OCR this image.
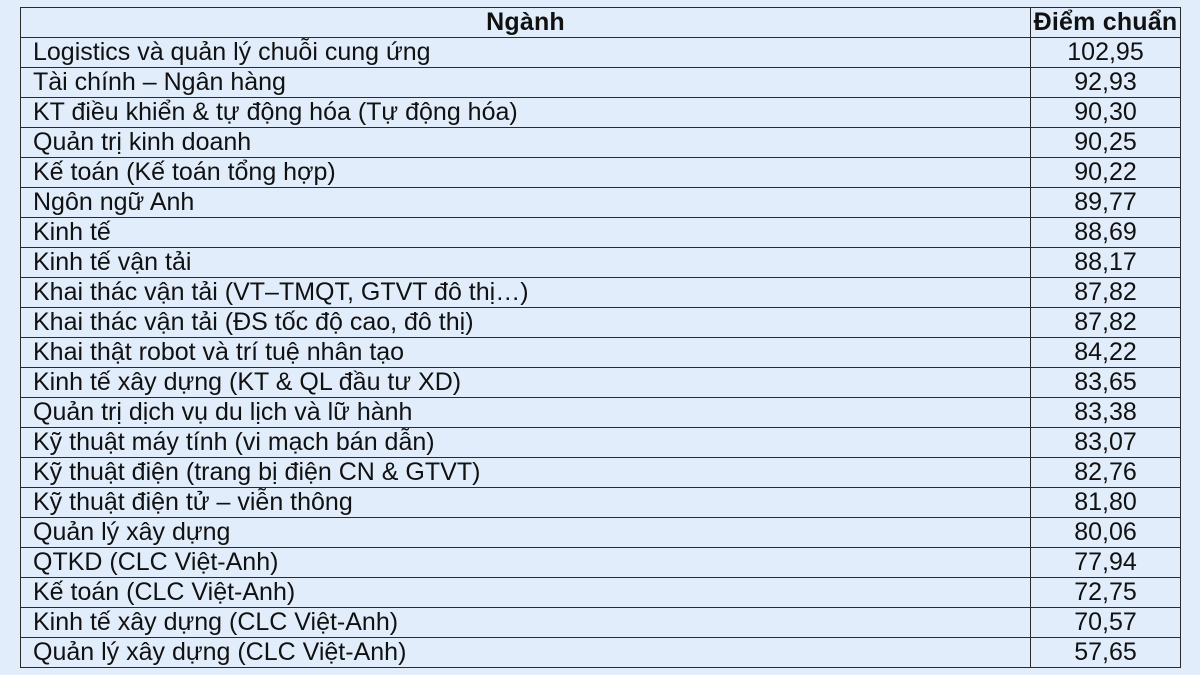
Ngành	Điểm chuẩn
Logistics và quản lý chuỗi cung ứng	102,95
Tài chính – Ngân hàng	92,93
KT điều khiển & tự động hóa (Tự động hóa)	90,30
Quản trị kinh doanh	90,25
Kế toán (Kế toán tổng hợp)	90,22
Ngôn ngữ Anh	89,77
Kinh tế	88,69
Kinh tế vận tải	88,17
Khai thác vận tải (VT–TMQT, GTVT đô thị…)	87,82
Khai thác vận tải (ĐS tốc độ cao, đô thị)	87,82
Khai thật robot và trí tuệ nhân tạo	84,22
Kinh tế xây dựng (KT & QL đầu tư XD)	83,65
Quản trị dịch vụ du lịch và lữ hành	83,38
Kỹ thuật máy tính (vi mạch bán dẫn)	83,07
Kỹ thuật điện (trang bị điện CN & GTVT)	82,76
Kỹ thuật điện tử – viễn thông	81,80
Quản lý xây dựng	80,06
QTKD (CLC Việt-Anh)	77,94
Kế toán (CLC Việt-Anh)	72,75
Kinh tế xây dựng (CLC Việt-Anh)	70,57
Quản lý xây dựng (CLC Việt-Anh)	57,65
